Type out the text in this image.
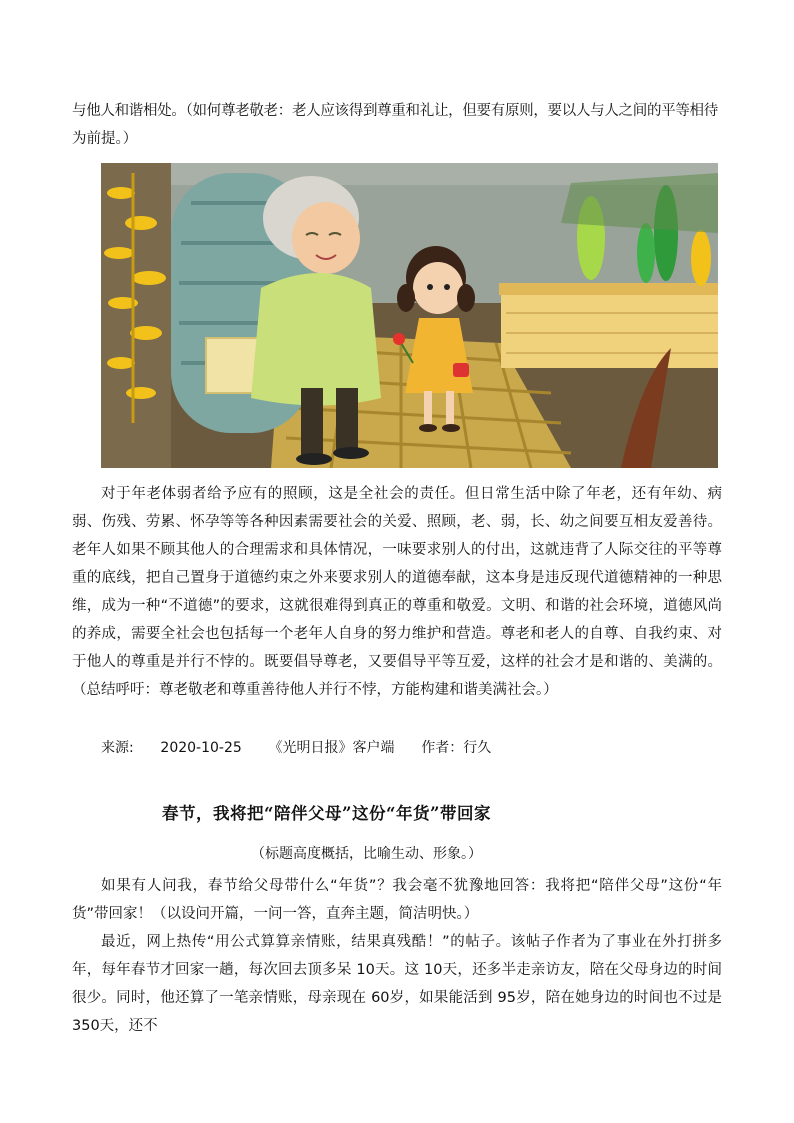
与他人和谐相处。（如何尊老敬老：老人应该得到尊重和礼让，但要有原则，要以人与人之间的平等相待

为前提。）

对于年老体弱者给予应有的照顾，这是全社会的责任。但日常生活中除了年老，还有年幼、病弱、伤残、劳累、怀孕等等各种因素需要社会的关爱、照顾，老、弱，长、幼之间要互相友爱善待。老年人如果不顾其他人的合理需求和具体情况，一味要求别人的付出，这就违背了人际交往的平等尊重的底线，把自己置身于道德约束之外来要求别人的道德奉献，这本身是违反现代道德精神的一种思维，成为一种“不道德”的要求，这就很难得到真正的尊重和敬爱。文明、和谐的社会环境，道德风尚的养成，需要全社会也包括每一个老年人自身的努力维护和营造。尊老和老人的自尊、自我约束、对于他人的尊重是并行不悖的。既要倡导尊老，又要倡导平等互爱，这样的社会才是和谐的、美满的。（总结呼吁：尊老敬老和尊重善待他人并行不悖，方能构建和谐美满社会。）

来源: 2020-10-25 《光明日报》客户端 作者：行久
春节，我将把“陪伴父母”这份“年货”带回家
（标题高度概括，比喻生动、形象。）

如果有人问我，春节给父母带什么“年货”？我会毫不犹豫地回答：我将把“陪伴父母”这份“年货”带回家！（以设问开篇，一问一答，直奔主题，简洁明快。）

最近，网上热传“用公式算算亲情账，结果真残酷！”的帖子。该帖子作者为了事业在外打拼多年，每年春节才回家一趟，每次回去顶多呆 10天。这 10天，还多半走亲访友，陪在父母身边的时间很少。同时，他还算了一笔亲情账，母亲现在 60岁，如果能活到 95岁，陪在她身边的时间也不过是 350天，还不
